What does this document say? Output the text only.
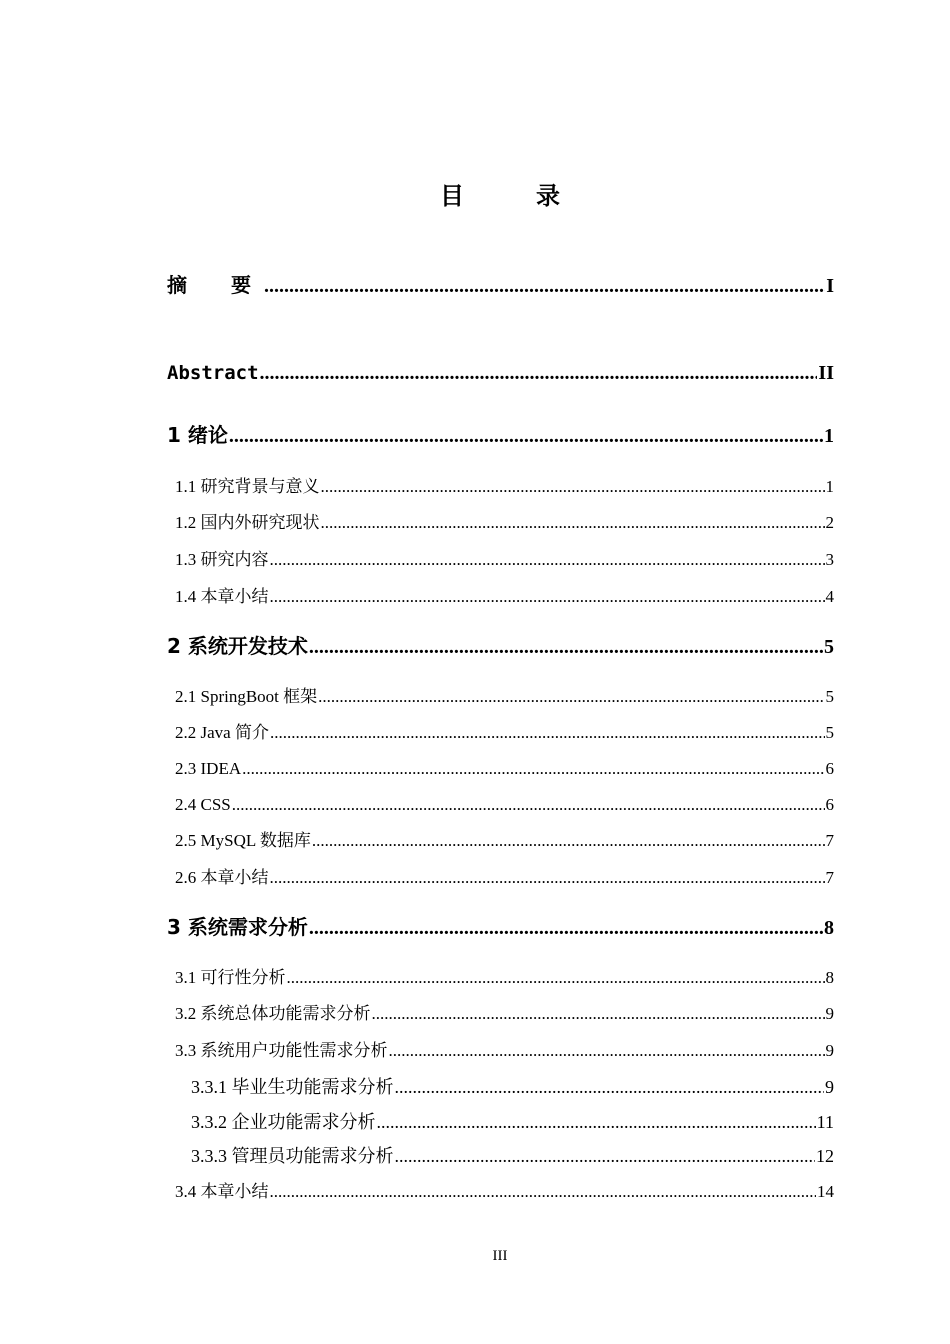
目　录
摘　要 .....	I
Abstract .....	II
1 绪论 .....	1
1.1 研究背景与意义 .....	1
1.2 国内外研究现状 .....	2
1.3 研究内容 .....	3
1.4 本章小结 .....	4
2 系统开发技术 .....	5
2.1 SpringBoot 框架 .....	5
2.2 Java 简介 .....	5
2.3 IDEA .....	6
2.4 CSS .....	6
2.5 MySQL 数据库 .....	7
2.6 本章小结 .....	7
3 系统需求分析 .....	8
3.1 可行性分析 .....	8
3.2 系统总体功能需求分析 .....	9
3.3 系统用户功能性需求分析 .....	9
3.3.1 毕业生功能需求分析 .....	9
3.3.2 企业功能需求分析 .....	11
3.3.3 管理员功能需求分析 .....	12
3.4 本章小结 .....	14
III
